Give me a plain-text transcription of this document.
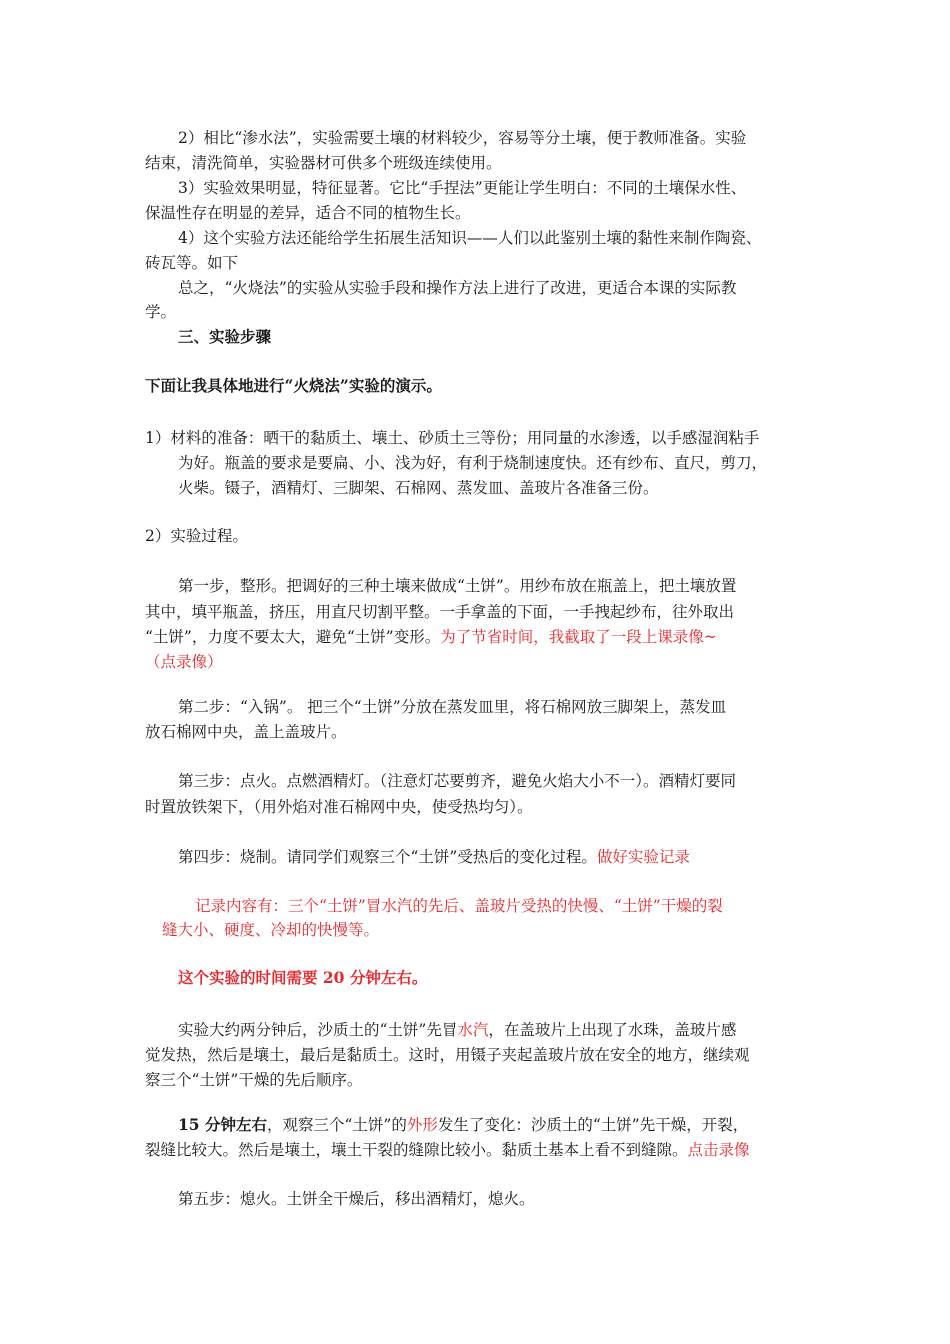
2）相比“渗水法”，实验需要土壤的材料较少，容易等分土壤，便于教师准备。实验
结束，清洗简单，实验器材可供多个班级连续使用。
3）实验效果明显，特征显著。它比“手捏法”更能让学生明白：不同的土壤保水性、
保温性存在明显的差异，适合不同的植物生长。
4）这个实验方法还能给学生拓展生活知识——人们以此鉴别土壤的黏性来制作陶瓷、
砖瓦等。如下
总之，“火烧法”的实验从实验手段和操作方法上进行了改进，更适合本课的实际教
学。
三、实验步骤
下面让我具体地进行“火烧法”实验的演示。
1）材料的准备：晒干的黏质土、壤土、砂质土三等份；用同量的水渗透，以手感湿润粘手
为好。瓶盖的要求是要扁、小、浅为好，有利于烧制速度快。还有纱布、直尺，剪刀，
火柴。镊子，酒精灯、三脚架、石棉网、蒸发皿、盖玻片各准备三份。
2）实验过程。
第一步，整形。把调好的三种土壤来做成“土饼”。用纱布放在瓶盖上，把土壤放置
其中，填平瓶盖，挤压，用直尺切割平整。一手拿盖的下面，一手拽起纱布，往外取出
“土饼”，力度不要太大，避免“土饼”变形。为了节省时间，我截取了一段上课录像~
（点录像）
第二步：“入锅”。 把三个“土饼”分放在蒸发皿里，将石棉网放三脚架上，蒸发皿
放石棉网中央，盖上盖玻片。
第三步：点火。点燃酒精灯。（注意灯芯要剪齐，避免火焰大小不一）。酒精灯要同
时置放铁架下，（用外焰对准石棉网中央，使受热均匀）。
第四步：烧制。请同学们观察三个“土饼”受热后的变化过程。做好实验记录
记录内容有：三个“土饼”冒水汽的先后、盖玻片受热的快慢、“土饼”干燥的裂
缝大小、硬度、冷却的快慢等。
这个实验的时间需要 20 分钟左右。
实验大约两分钟后，沙质土的“土饼”先冒水汽，在盖玻片上出现了水珠，盖玻片感
觉发热，然后是壤土，最后是黏质土。这时，用镊子夹起盖玻片放在安全的地方，继续观
察三个“土饼”干燥的先后顺序。
15 分钟左右，观察三个“土饼”的外形发生了变化：沙质土的“土饼”先干燥，开裂，
裂缝比较大。然后是壤土，壤土干裂的缝隙比较小。黏质土基本上看不到缝隙。点击录像
第五步：熄火。土饼全干燥后，移出酒精灯，熄火。
